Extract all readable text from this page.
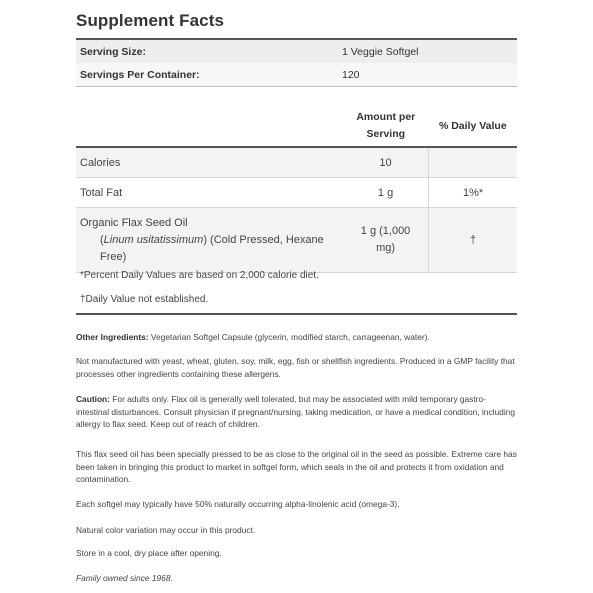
Supplement Facts
Serving Size:	1 Veggie Softgel
Servings Per Container:	120
	Amount per Serving	% Daily Value
Calories	10	
Total Fat	1 g	1%*
Organic Flax Seed Oil

(Linum usitatissimum) (Cold Pressed, Hexane Free)	1 g (1,000 mg)	†
*Percent Daily Values are based on 2,000 calorie diet.
†Daily Value not established.

Other Ingredients: Vegetarian Softgel Capsule (glycerin, modified starch, carrageenan, water).

Not manufactured with yeast, wheat, gluten, soy, milk, egg, fish or shellfish ingredients. Produced in a GMP facility that processes other ingredients containing these allergens.

Caution: For adults only. Flax oil is generally well tolerated, but may be associated with mild temporary gastro-intestinal disturbances. Consult physician if pregnant/nursing, taking medication, or have a medical condition, including allergy to flax seed. Keep out of reach of children.

This flax seed oil has been specially pressed to be as close to the original oil in the seed as possible. Extreme care has been taken in bringing this product to market in softgel form, which seals in the oil and protects it from oxidation and contamination.

Each softgel may typically have 50% naturally occurring alpha-linolenic acid (omega-3).

Natural color variation may occur in this product.

Store in a cool, dry place after opening.

Family owned since 1968.
